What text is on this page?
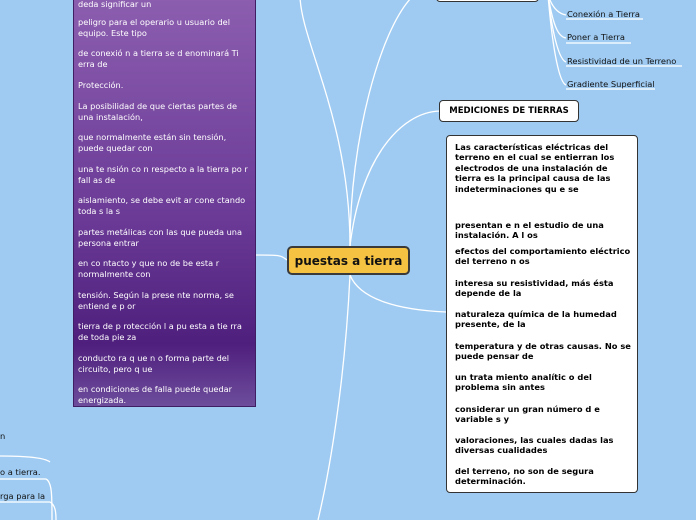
deda significar un

peligro para el operario u usuario del equipo. Este tipo

de conexió n a tierra se d enominará Ti erra de

Protección.

La posibilidad de que ciertas partes de una instalación,

que normalmente están sin tensión, puede quedar con

una te nsión co n respecto a la tierra po r fall as de

aislamiento, se debe evit ar cone ctando toda s la s

partes metálicas con las que pueda una persona entrar

en co ntacto y que no de be esta r normalmente con

tensión. Según la prese nte norma, se entiend e p or

tierra de p rotección l a pu esta a tie rra de toda pie za

conducto ra q ue n o forma parte del circuito, pero q ue

en condiciones de falla puede quedar energizada.

puestas a tierra
MEDICIONES DE TIERRAS

Las características eléctricas del terreno en el cual se entierran los electrodos de una instalación de tierra es la principal causa de las indeterminaciones qu e se

presentan e n el estudio de una instalación. A l os

efectos del comportamiento eléctrico del terreno n os

interesa su resistividad, más ésta depende de la

naturaleza química de la humedad presente, de la

temperatura y de otras causas. No se puede pensar de

un trata miento analític o del problema sin antes

considerar un gran número d e variable s y

valoraciones, las cuales dadas las diversas cualidades

del terreno, no son de segura determinación.

Conexión a Tierra
Poner a Tierra
Resistividad de un Terreno
Gradiente Superficial
n
o a tierra.
rga para la
